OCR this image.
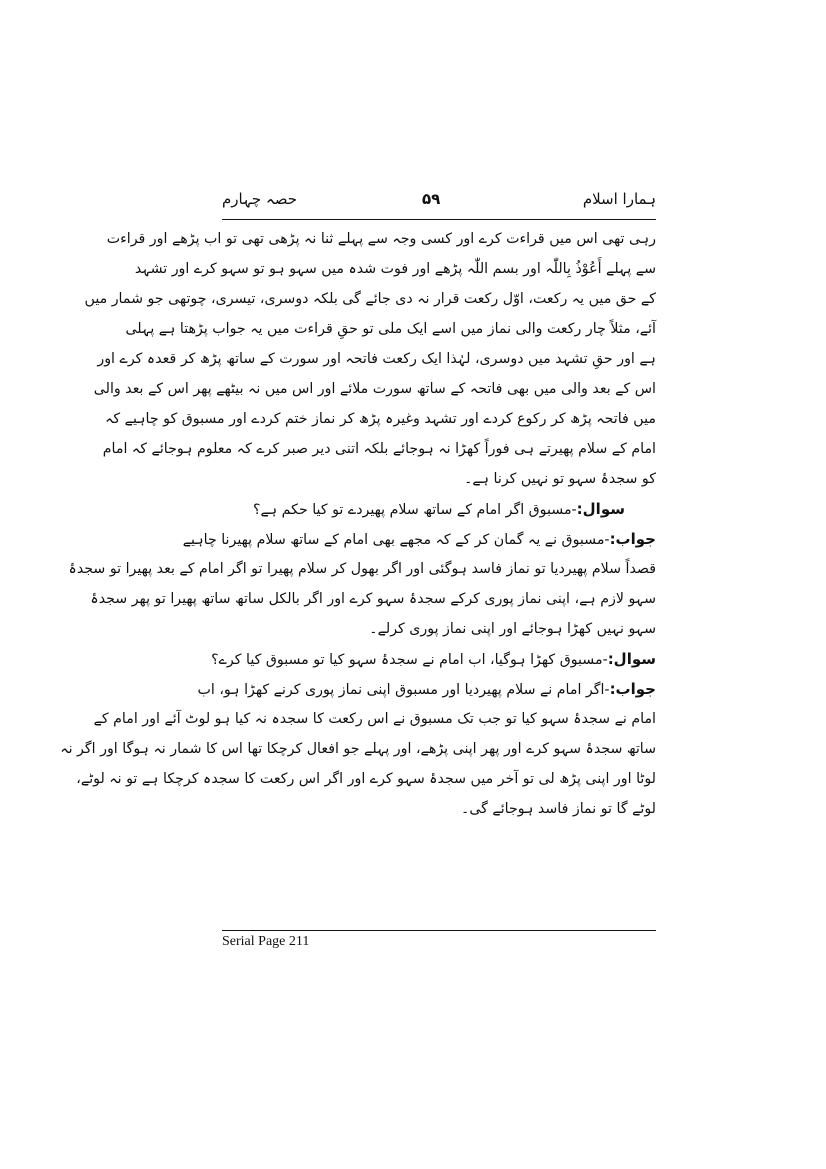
حصہ چہارم	۵۹	ہمارا اسلام
رہی تھی اس میں قراءت کرے اور کسی وجہ سے پہلے ثنا نہ پڑھی تھی تو اب پڑھے اور قراءت
سے پہلے أَعُوْذُ بِاللّٰہ اور بسم اللّٰہ پڑھے اور فوت شدہ میں سہو ہو تو سہو کرے اور تشہد
کے حق میں یہ رکعت، اوّل رکعت قرار نہ دی جائے گی بلکہ دوسری، تیسری، چوتھی جو شمار میں
آئے، مثلاً چار رکعت والی نماز میں اسے ایک ملی تو حقِ قراءت میں یہ جواب پڑھتا ہے پہلی
ہے اور حقِ تشہد میں دوسری، لہٰذا ایک رکعت فاتحہ اور سورت کے ساتھ پڑھ کر قعدہ کرے اور
اس کے بعد والی میں بھی فاتحہ کے ساتھ سورت ملائے اور اس میں نہ بیٹھے پھر اس کے بعد والی
میں فاتحہ پڑھ کر رکوع کردے اور تشہد وغیرہ پڑھ کر نماز ختم کردے اور مسبوق کو چاہیے کہ
امام کے سلام پھیرتے ہی فوراً کھڑا نہ ہوجائے بلکہ اتنی دیر صبر کرے کہ معلوم ہوجائے کہ امام
کو سجدۂ سہو تو نہیں کرنا ہے۔
سوال:-مسبوق اگر امام کے ساتھ سلام پھیردے تو کیا حکم ہے؟
جواب:-مسبوق نے یہ گمان کر کے کہ مجھے بھی امام کے ساتھ سلام پھیرنا چاہیے
قصداً سلام پھیردیا تو نماز فاسد ہوگئی اور اگر بھول کر سلام پھیرا تو اگر امام کے بعد پھیرا تو سجدۂ
سہو لازم ہے، اپنی نماز پوری کرکے سجدۂ سہو کرے اور اگر بالکل ساتھ ساتھ پھیرا تو پھر سجدۂ
سہو نہیں کھڑا ہوجائے اور اپنی نماز پوری کرلے۔
سوال:-مسبوق کھڑا ہوگیا، اب امام نے سجدۂ سہو کیا تو مسبوق کیا کرے؟
جواب:-اگر امام نے سلام پھیردیا اور مسبوق اپنی نماز پوری کرنے کھڑا ہو، اب
امام نے سجدۂ سہو کیا تو جب تک مسبوق نے اس رکعت کا سجدہ نہ کیا ہو لوٹ آئے اور امام کے
ساتھ سجدۂ سہو کرے اور پھر اپنی پڑھے، اور پہلے جو افعال کرچکا تھا اس کا شمار نہ ہوگا اور اگر نہ
لوٹا اور اپنی پڑھ لی تو آخر میں سجدۂ سہو کرے اور اگر اس رکعت کا سجدہ کرچکا ہے تو نہ لوٹے،
لوٹے گا تو نماز فاسد ہوجائے گی۔
Serial Page 211
